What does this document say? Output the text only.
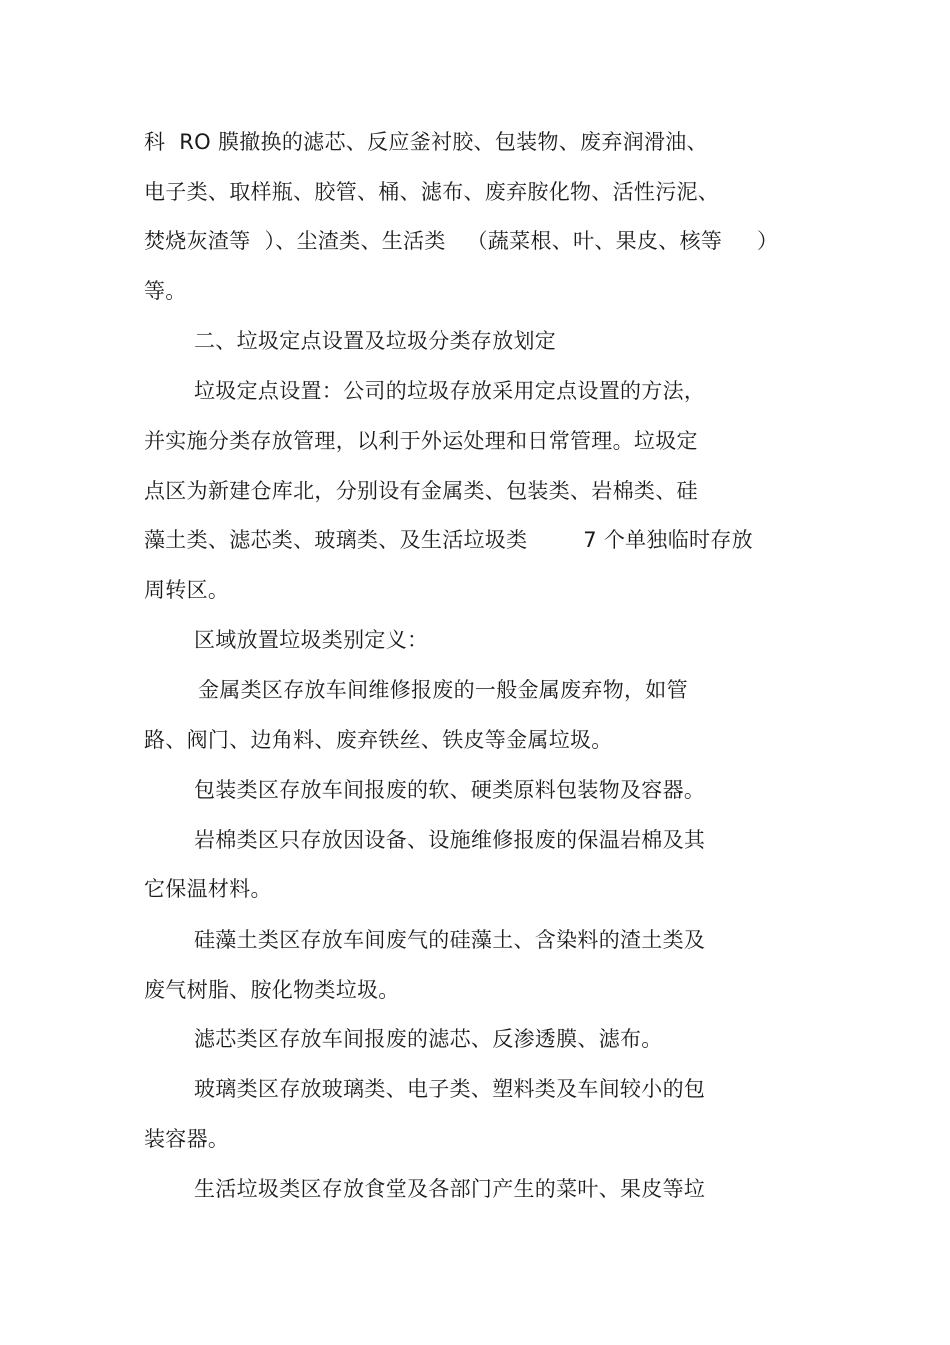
科  RO 膜撤换的滤芯、反应釜衬胶、包装物、废弃润滑油、
电子类、取样瓶、胶管、桶、滤布、废弃胺化物、活性污泥、
焚烧灰渣等  ）、尘渣类、生活类   （蔬菜根、叶、果皮、核等     ）
等。
二、垃圾定点设置及垃圾分类存放划定
垃圾定点设置：公司的垃圾存放采用定点设置的方法，
并实施分类存放管理，以利于外运处理和日常管理。垃圾定
点区为新建仓库北，分别设有金属类、包装类、岩棉类、硅
藻土类、滤芯类、玻璃类、及生活垃圾类        7 个单独临时存放
周转区。
区域放置垃圾类别定义：
金属类区存放车间维修报废的一般金属废弃物，如管
路、阀门、边角料、废弃铁丝、铁皮等金属垃圾。
包装类区存放车间报废的软、硬类原料包装物及容器。
岩棉类区只存放因设备、设施维修报废的保温岩棉及其
它保温材料。
硅藻土类区存放车间废气的硅藻土、含染料的渣土类及
废气树脂、胺化物类垃圾。
滤芯类区存放车间报废的滤芯、反渗透膜、滤布。
玻璃类区存放玻璃类、电子类、塑料类及车间较小的包
装容器。
生活垃圾类区存放食堂及各部门产生的菜叶、果皮等垃
